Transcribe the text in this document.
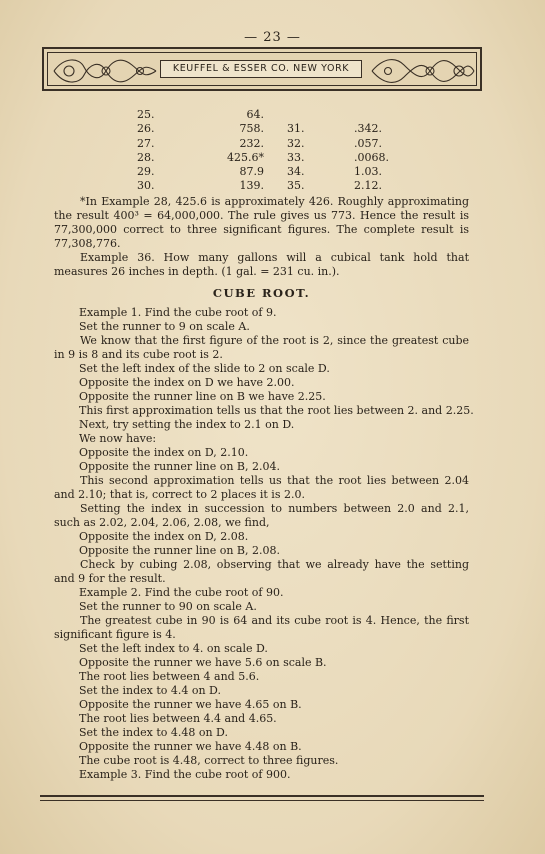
— 23 —
KEUFFEL & ESSER CO. NEW YORK
25.	64.
26.	758. 31.	.342.
27.	232. 32.	.057.
28.	425.6* 33.	.0068.
29.	87.9 34.	1.03.
30.	139. 35.	2.12.

*In Example 28, 425.6 is approximately 426. Roughly approximating the result 400³ = 64,000,000. The rule gives us 773. Hence the result is 77,300,000 correct to three significant figures. The complete result is 77,308,776.

Example 36. How many gallons will a cubical tank hold that measures 26 inches in depth. (1 gal. = 231 cu. in.).

CUBE ROOT.

Example 1. Find the cube root of 9.

Set the runner to 9 on scale A.

We know that the first figure of the root is 2, since the greatest cube in 9 is 8 and its cube root is 2.

Set the left index of the slide to 2 on scale D.

Opposite the index on D we have 2.00.

Opposite the runner line on B we have 2.25.

This first approximation tells us that the root lies between 2. and 2.25.

Next, try setting the index to 2.1 on D.

We now have:

Opposite the index on D, 2.10.

Opposite the runner line on B, 2.04.

This second approximation tells us that the root lies between 2.04 and 2.10; that is, correct to 2 places it is 2.0.

Setting the index in succession to numbers between 2.0 and 2.1, such as 2.02, 2.04, 2.06, 2.08, we find,

Opposite the index on D, 2.08.

Opposite the runner line on B, 2.08.

Check by cubing 2.08, observing that we already have the setting and 9 for the result.

Example 2. Find the cube root of 90.

Set the runner to 90 on scale A.

The greatest cube in 90 is 64 and its cube root is 4. Hence, the first significant figure is 4.

Set the left index to 4. on scale D.

Opposite the runner we have 5.6 on scale B.

The root lies between 4 and 5.6.

Set the index to 4.4 on D.

Opposite the runner we have 4.65 on B.

The root lies between 4.4 and 4.65.

Set the index to 4.48 on D.

Opposite the runner we have 4.48 on B.

The cube root is 4.48, correct to three figures.

Example 3. Find the cube root of 900.
